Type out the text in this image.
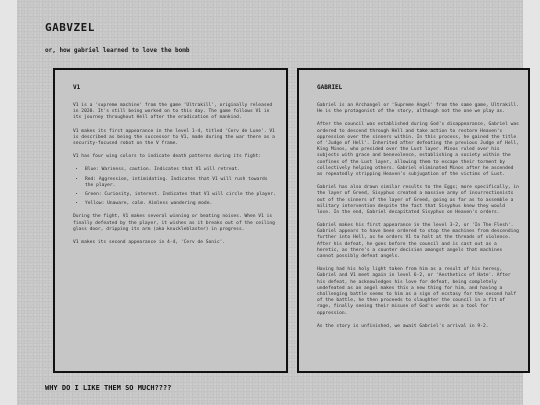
GABVZEL
or, how gabriel learned to love the bomb
V1
V1 is a 'supreme machine' from the game 'Ultrakill', originally released in 2020. It's still being worked on to this day. The game follows V1 in its journey throughout Hell after the eradication of mankind.
V1 makes its first appearance in the level 1-4, titled 'Cerv de Lune'. V1 is described as being the successor to V1, made during the war there as a security-focused robot on the V frame.
V1 has four wing colors to indicate death patterns during its fight:
• Blue: Wariness, caution. Indicates that V1 will retreat.
• Red: Aggression, intimidating. Indicates that V1 will rush towards the player.
• Green: Curiosity, interest. Indicates that V1 will circle the player.
• Yellow: Unaware, calm. Aimless wandering mode.
During the fight, V1 makes several winning or beating noises. When V1 is finally defeated by the player, it wishes as it breaks out of the ceiling glass door, dripping its arm (aka knuckleblaster) in progress.
V1 makes its second appearance in 4-4, 'Cerv de Sonic'.
GABRIEL
Gabriel is an Archangel or 'Supreme Angel' from the same game, Ultrakill. He is the protagonist of the story, although not the one we play as.
After the council was established during God's disappearance, Gabriel was ordered to descend through Hell and take action to restore Heaven's oppression over the sinners within. In this process, he gained the title of 'Judge of Hell'. Inherited after defeating the previous Judge of Hell, King Minos, who presided over the Lust layer. Minos ruled over his subjects with grace and benevolence, establishing a society within the confines of the Lust layer, allowing them to escape their torment by collectively helping others. Gabriel eliminated Minos after he ascended as repeatedly stripping Heaven's subjugation of the victims of Lust.
Gabriel has also drawn similar results to the Eggs; more specifically, in the layer of Greed, Sisyphus created a massive army of insurrectionists out of the sinners of the layer of Greed, going as far as to assemble a military intervention despite the fact that Sisyphus knew they would lose. In the end, Gabriel decapitated Sisyphus on Heaven's orders.
Gabriel makes his first appearance in the level 3-2, or 'In The Flesh'. Gabriel appears to have been ordered to stop the machines from descending further into Hell, as he orders V1 to halt at the threads of violence. After his defeat, he goes before the council and is cast out as a heretic, as there's a counter decision amongst angels that machines cannot possibly defeat angels.
Having had his holy light taken from him as a result of his heresy, Gabriel and V1 meet again in level 6-2, or 'Aesthetics of Hate'. After his defeat, he acknowledges his love for defeat, being completely undefeated as an angel makes this a new thing for him, and having a challenging battle seems to him as a sign of ecstasy for the second half of the battle, he then proceeds to slaughter the council in a fit of rage, finally seeing their misuse of God's words as a tool for oppression.
As the story is unfinished, we await Gabriel's arrival in 9-2.
WHY DO I LIKE THEM SO MUCH????
